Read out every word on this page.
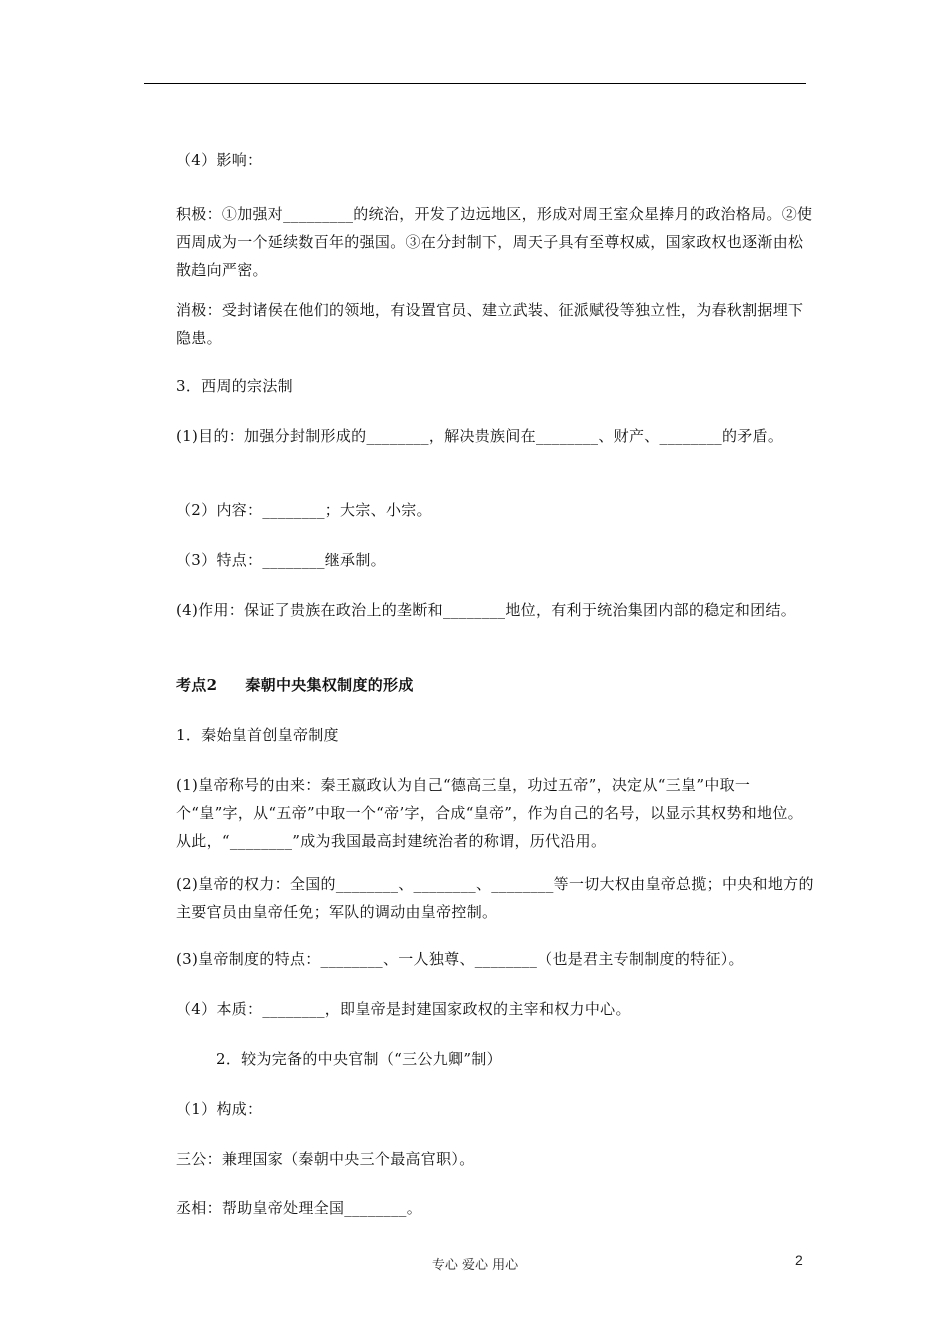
（4）影响：
积极：①加强对_________的统治，开发了边远地区，形成对周王室众星捧月的政治格局。②使西周成为一个延续数百年的强国。③在分封制下，周天子具有至尊权威，国家政权也逐渐由松散趋向严密。
消极：受封诸侯在他们的领地，有设置官员、建立武装、征派赋役等独立性，为春秋割据埋下隐患。
3．西周的宗法制
(1)目的：加强分封制形成的________，解决贵族间在________、财产、________的矛盾。
（2）内容：________；大宗、小宗。
（3）特点：________继承制。
(4)作用：保证了贵族在政治上的垄断和________地位，有利于统治集团内部的稳定和团结。
考点2 秦朝中央集权制度的形成
1．秦始皇首创皇帝制度
(1)皇帝称号的由来：秦王嬴政认为自己“德高三皇，功过五帝”，决定从“三皇”中取一个“皇”字，从“五帝”中取一个“帝’字，合成“皇帝”，作为自己的名号，以显示其权势和地位。从此，“________”成为我国最高封建统治者的称谓，历代沿用。
(2)皇帝的权力：全国的________、________、________等一切大权由皇帝总揽；中央和地方的主要官员由皇帝任免；军队的调动由皇帝控制。
(3)皇帝制度的特点：________、一人独尊、________（也是君主专制制度的特征）。
（4）本质：________，即皇帝是封建国家政权的主宰和权力中心。
2．较为完备的中央官制（“三公九卿”制）
（1）构成：
三公：兼理国家（秦朝中央三个最高官职）。
丞相：帮助皇帝处理全国________。
专心 爱心 用心	2
